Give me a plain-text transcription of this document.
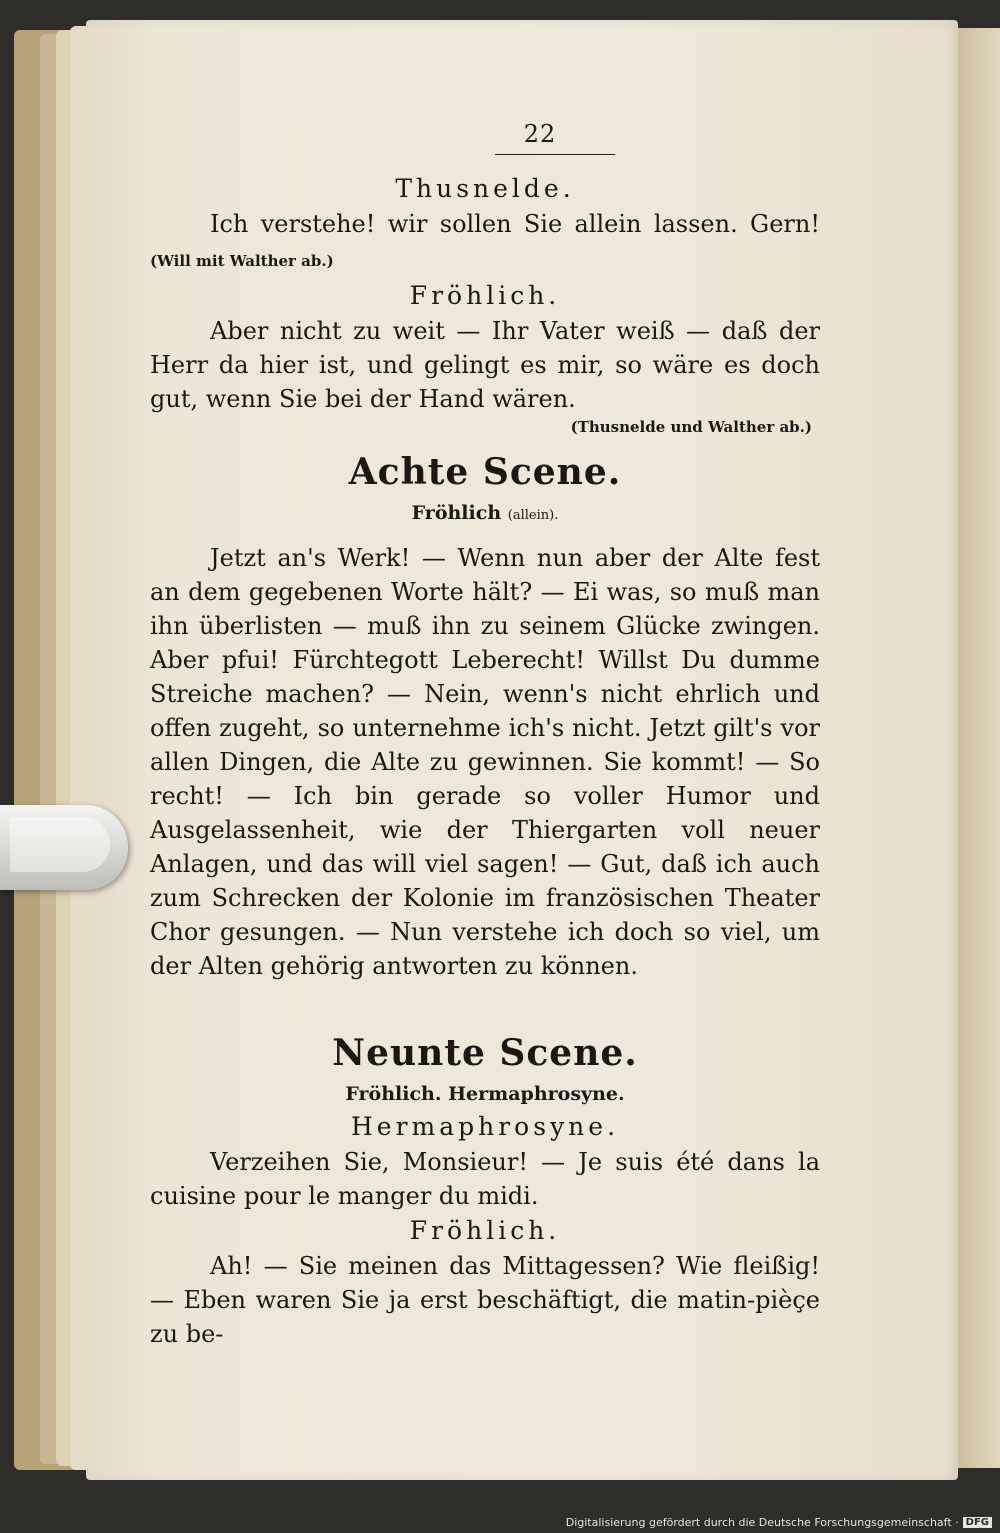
22
Thusnelde.
Ich verstehe! wir sollen Sie allein lassen. Gern! (Will mit Walther ab.)
Fröhlich.
Aber nicht zu weit — Ihr Vater weiß — daß der Herr da hier ist, und gelingt es mir, so wäre es doch gut, wenn Sie bei der Hand wären.
(Thusnelde und Walther ab.)
Achte Scene.
Fröhlich (allein).
Jetzt an's Werk! — Wenn nun aber der Alte fest an dem gegebenen Worte hält? — Ei was, so muß man ihn überlisten — muß ihn zu seinem Glücke zwingen. Aber pfui! Fürchtegott Leberecht! Willst Du dumme Streiche machen? — Nein, wenn's nicht ehrlich und offen zugeht, so unternehme ich's nicht. Jetzt gilt's vor allen Dingen, die Alte zu gewinnen. Sie kommt! — So recht! — Ich bin gerade so voller Humor und Ausgelassenheit, wie der Thiergarten voll neuer Anlagen, und das will viel sagen! — Gut, daß ich auch zum Schrecken der Kolonie im französischen Theater Chor gesungen. — Nun verstehe ich doch so viel, um der Alten gehörig antworten zu können.
Neunte Scene.
Fröhlich. Hermaphrosyne.
Hermaphrosyne.
Verzeihen Sie, Monsieur! — Je suis été dans la cuisine pour le manger du midi.
Fröhlich.
Ah! — Sie meinen das Mittagessen? Wie fleißig! — Eben waren Sie ja erst beschäftigt, die matin-pièçe zu be-
Digitalisierung gefördert durch die Deutsche Forschungsgemeinschaft · DFG
